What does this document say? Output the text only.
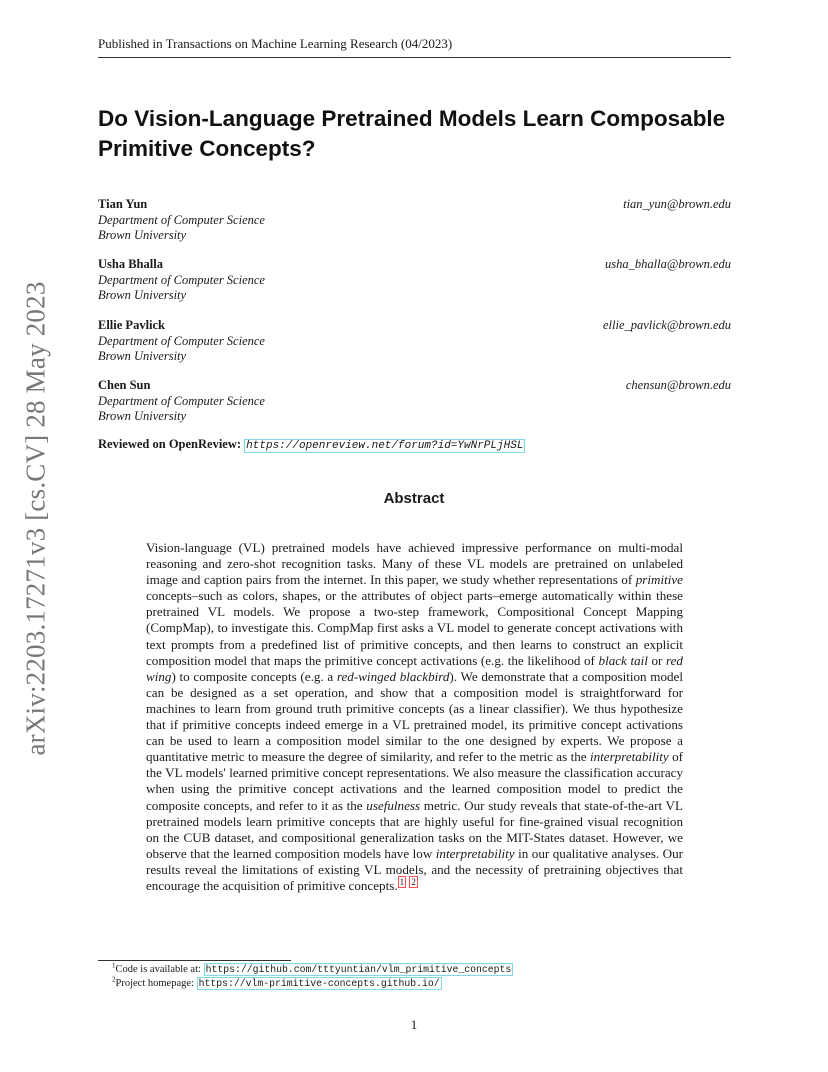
arXiv:2203.17271v3 [cs.CV] 28 May 2023
Published in Transactions on Machine Learning Research (04/2023)
Do Vision-Language Pretrained Models Learn Composable Primitive Concepts?
Tian Yun
Department of Computer Science
Brown University
tian_yun@brown.edu
Usha Bhalla
Department of Computer Science
Brown University
usha_bhalla@brown.edu
Ellie Pavlick
Department of Computer Science
Brown University
ellie_pavlick@brown.edu
Chen Sun
Department of Computer Science
Brown University
chensun@brown.edu
Reviewed on OpenReview: https://openreview.net/forum?id=YwNrPLjHSL
Abstract

Vision-language (VL) pretrained models have achieved impressive performance on multi-modal reasoning and zero-shot recognition tasks. Many of these VL models are pretrained on unlabeled image and caption pairs from the internet. In this paper, we study whether representations of primitive concepts–such as colors, shapes, or the attributes of object parts–emerge automatically within these pretrained VL models. We propose a two-step framework, Compositional Concept Mapping (CompMap), to investigate this. CompMap first asks a VL model to generate concept activations with text prompts from a predefined list of primitive concepts, and then learns to construct an explicit composition model that maps the primitive concept activations (e.g. the likelihood of black tail or red wing) to composite concepts (e.g. a red-winged blackbird). We demonstrate that a composition model can be designed as a set operation, and show that a composition model is straightforward for machines to learn from ground truth primitive concepts (as a linear classifier). We thus hypothesize that if primitive concepts indeed emerge in a VL pretrained model, its primitive concept activations can be used to learn a composition model similar to the one designed by experts. We propose a quantitative metric to measure the degree of similarity, and refer to the metric as the interpretability of the VL models' learned primitive concept representations. We also measure the classification accuracy when using the primitive concept activations and the learned composition model to predict the composite concepts, and refer to it as the usefulness metric. Our study reveals that state-of-the-art VL pretrained models learn primitive concepts that are highly useful for fine-grained visual recognition on the CUB dataset, and compositional generalization tasks on the MIT-States dataset. However, we observe that the learned composition models have low interpretability in our qualitative analyses. Our results reveal the limitations of existing VL models, and the necessity of pretraining objectives that encourage the acquisition of primitive concepts. $^1$ $^2$

$^1$Code is available at: https://github.com/tttyuntian/vlm_primitive_concepts
$^2$Project homepage: https://vlm-primitive-concepts.github.io/
1
